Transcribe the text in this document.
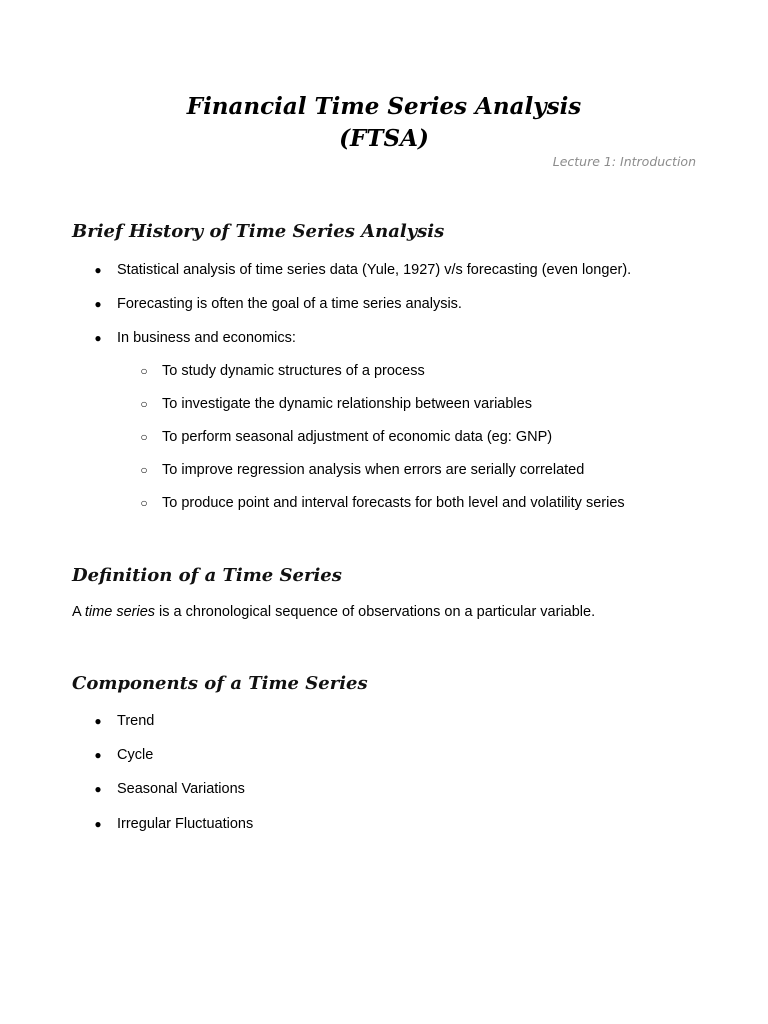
Financial Time Series Analysis
(FTSA)

Lecture 1: Introduction

Brief History of Time Series Analysis
● Statistical analysis of time series data (Yule, 1927) v/s forecasting (even longer).
● Forecasting is often the goal of a time series analysis.
● In business and economics:
○ To study dynamic structures of a process
○ To investigate the dynamic relationship between variables
○ To perform seasonal adjustment of economic data (eg: GNP)
○ To improve regression analysis when errors are serially correlated
○ To produce point and interval forecasts for both level and volatility series
Definition of a Time Series

A time series is a chronological sequence of observations on a particular variable.

Components of a Time Series
● Trend
● Cycle
● Seasonal Variations
● Irregular Fluctuations
